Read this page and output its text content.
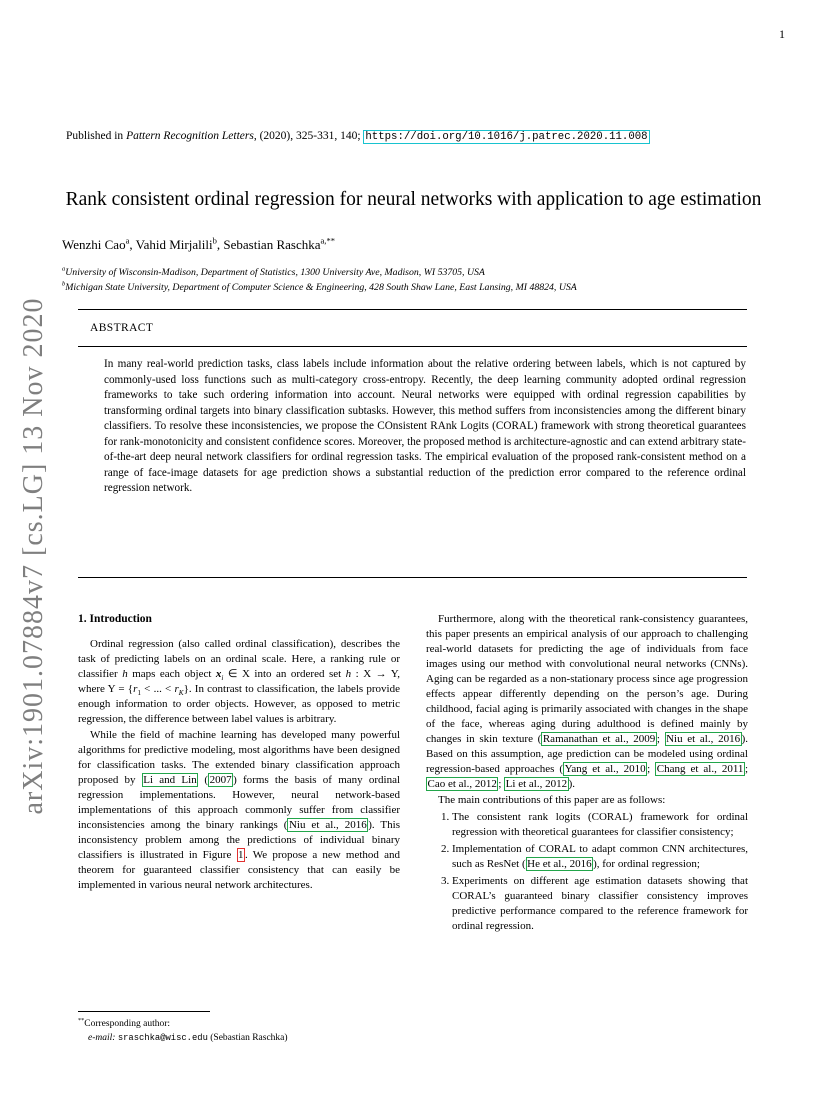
1
arXiv:1901.07884v7 [cs.LG] 13 Nov 2020
Published in Pattern Recognition Letters, (2020), 325-331, 140; https://doi.org/10.1016/j.patrec.2020.11.008
Rank consistent ordinal regression for neural networks with application to age estimation
Wenzhi Cao$^a$, Vahid Mirjalili$^b$, Sebastian Raschka$^{a,**}$
$^a$University of Wisconsin-Madison, Department of Statistics, 1300 University Ave, Madison, WI 53705, USA
$^b$Michigan State University, Department of Computer Science & Engineering, 428 South Shaw Lane, East Lansing, MI 48824, USA
ABSTRACT
In many real-world prediction tasks, class labels include information about the relative ordering between labels, which is not captured by commonly-used loss functions such as multi-category cross-entropy. Recently, the deep learning community adopted ordinal regression frameworks to take such ordering information into account. Neural networks were equipped with ordinal regression capabilities by transforming ordinal targets into binary classification subtasks. However, this method suffers from inconsistencies among the different binary classifiers. To resolve these inconsistencies, we propose the COnsistent RAnk Logits (CORAL) framework with strong theoretical guarantees for rank-monotonicity and consistent confidence scores. Moreover, the proposed method is architecture-agnostic and can extend arbitrary state-of-the-art deep neural network classifiers for ordinal regression tasks. The empirical evaluation of the proposed rank-consistent method on a range of face-image datasets for age prediction shows a substantial reduction of the prediction error compared to the reference ordinal regression network.
1. Introduction

Ordinal regression (also called ordinal classification), describes the task of predicting labels on an ordinal scale. Here, a ranking rule or classifier h maps each object $x_i$ ∈ X into an ordered set h : X → Y, where $Y = \{r_1$ < ... < $r_K$}. In contrast to classification, the labels provide enough information to order objects. However, as opposed to metric regression, the difference between label values is arbitrary.

While the field of machine learning has developed many powerful algorithms for predictive modeling, most algorithms have been designed for classification tasks. The extended binary classification approach proposed by Li and Lin ( 2007 ) forms the basis of many ordinal regression implementations. However, neural network-based implementations of this approach commonly suffer from classifier inconsistencies among the binary rankings ( Niu et al., 2016 ). This inconsistency problem among the predictions of individual binary classifiers is illustrated in Figure 1 . We propose a new method and theorem for guaranteed classifier consistency that can easily be implemented in various neural network architectures.

Furthermore, along with the theoretical rank-consistency guarantees, this paper presents an empirical analysis of our approach to challenging real-world datasets for predicting the age of individuals from face images using our method with convolutional neural networks (CNNs). Aging can be regarded as a non-stationary process since age progression effects appear differently depending on the person’s age. During childhood, facial aging is primarily associated with changes in the shape of the face, whereas aging during adulthood is defined mainly by changes in skin texture ( Ramanathan et al., 2009 ; Niu et al., 2016 ). Based on this assumption, age prediction can be modeled using ordinal regression-based approaches ( Yang et al., 2010 ; Chang et al., 2011 ; Cao et al., 2012 ; Li et al., 2012 ).

The main contributions of this paper are as follows:

1. The consistent rank logits (CORAL) framework for ordinal regression with theoretical guarantees for classifier consistency;
2. Implementation of CORAL to adapt common CNN architectures, such as ResNet ( He et al., 2016 ), for ordinal regression;
3. Experiments on different age estimation datasets showing that CORAL’s guaranteed binary classifier consistency improves predictive performance compared to the reference framework for ordinal regression.
**Corresponding author:
e-mail: sraschka@wisc.edu (Sebastian Raschka)
